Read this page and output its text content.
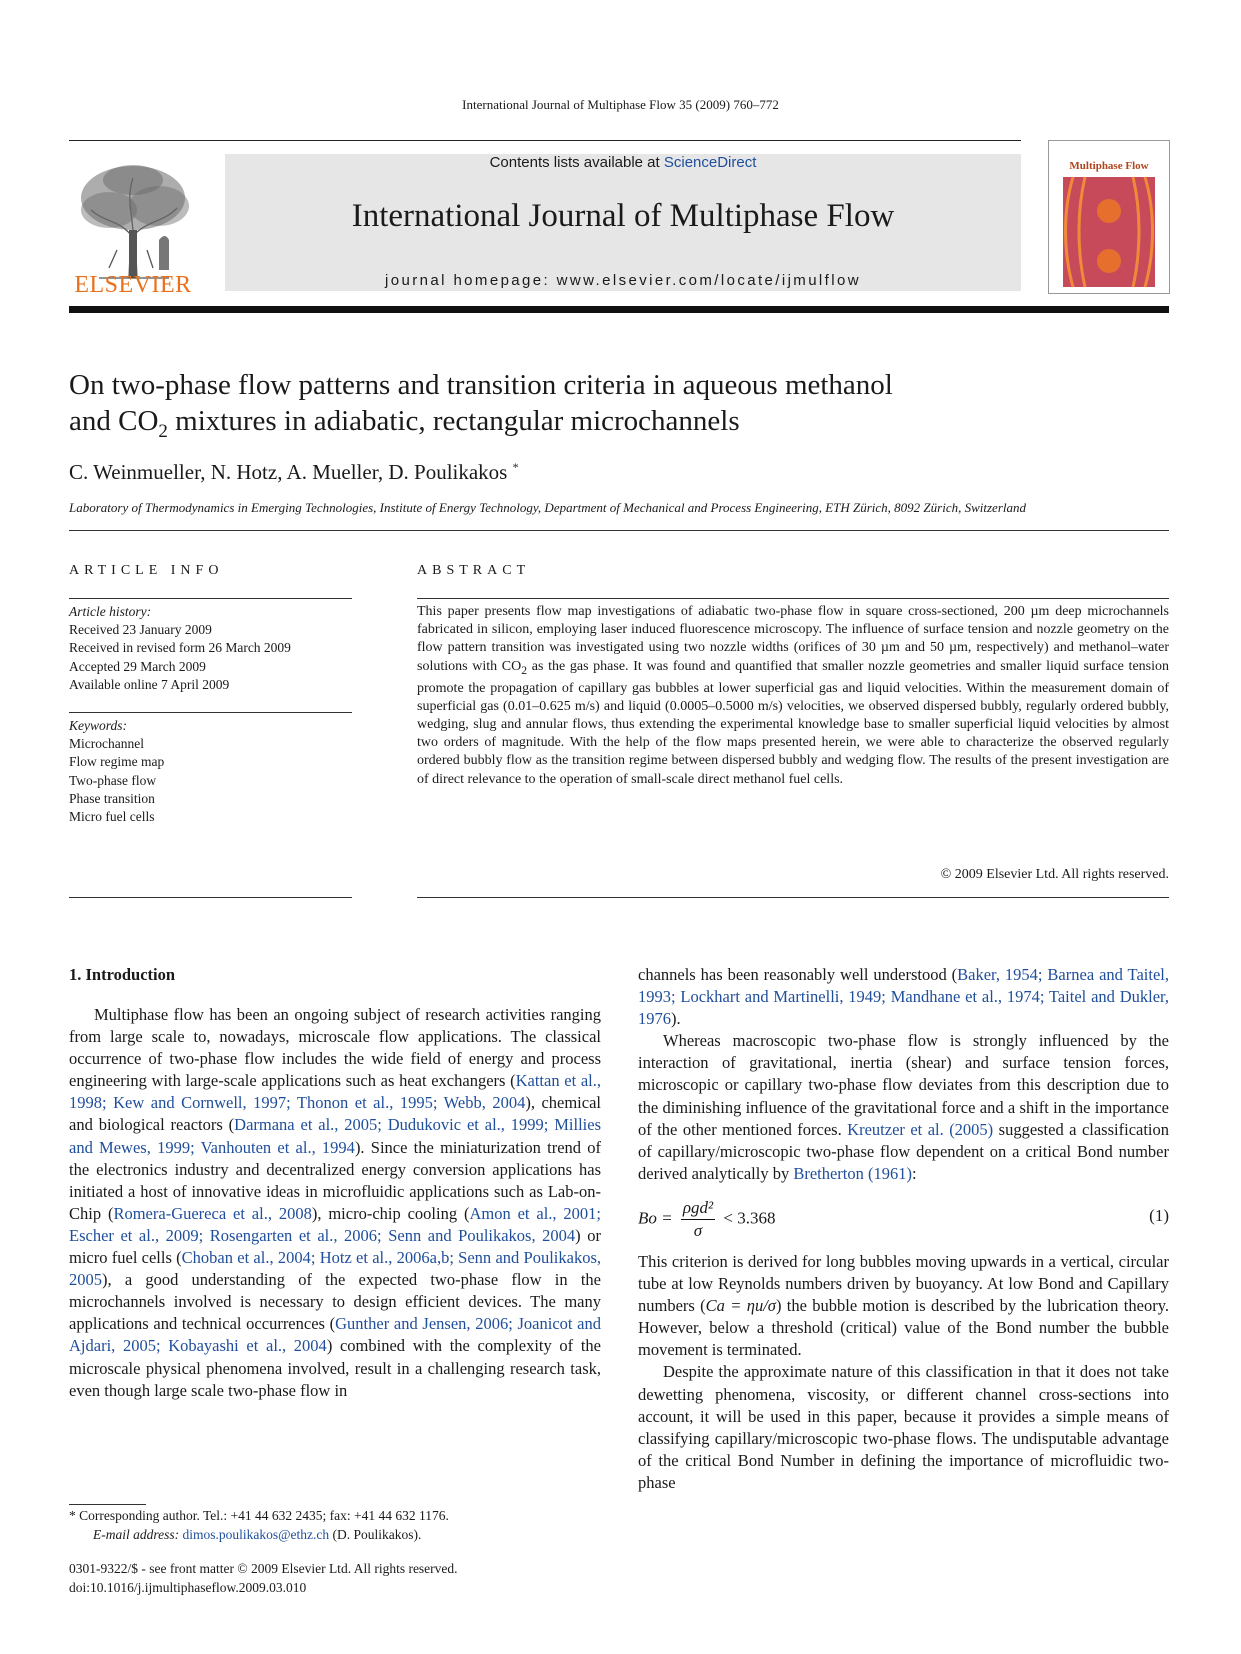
International Journal of Multiphase Flow 35 (2009) 760–772
ELSEVIER
Contents lists available at ScienceDirect
International Journal of Multiphase Flow
journal homepage: www.elsevier.com/locate/ijmulflow
Multiphase Flow
On two-phase flow patterns and transition criteria in aqueous methanol
and $CO_2$ mixtures in adiabatic, rectangular microchannels
C. Weinmueller, N. Hotz, A. Mueller, D. Poulikakos *
Laboratory of Thermodynamics in Emerging Technologies, Institute of Energy Technology, Department of Mechanical and Process Engineering, ETH Zürich, 8092 Zürich, Switzerland
ARTICLE INFO
Article history:
Received 23 January 2009
Received in revised form 26 March 2009
Accepted 29 March 2009
Available online 7 April 2009
Keywords:
Microchannel
Flow regime map
Two-phase flow
Phase transition
Micro fuel cells
ABSTRACT
This paper presents flow map investigations of adiabatic two-phase flow in square cross-sectioned, 200 µm deep microchannels fabricated in silicon, employing laser induced fluorescence microscopy. The influence of surface tension and nozzle geometry on the flow pattern transition was investigated using two nozzle widths (orifices of 30 µm and 50 µm, respectively) and methanol–water solutions with $CO_2$ as the gas phase. It was found and quantified that smaller nozzle geometries and smaller liquid surface tension promote the propagation of capillary gas bubbles at lower superficial gas and liquid velocities. Within the measurement domain of superficial gas (0.01–0.625 m/s) and liquid (0.0005–0.5000 m/s) velocities, we observed dispersed bubbly, regularly ordered bubbly, wedging, slug and annular flows, thus extending the experimental knowledge base to smaller superficial liquid velocities by almost two orders of magnitude. With the help of the flow maps presented herein, we were able to characterize the observed regularly ordered bubbly flow as the transition regime between dispersed bubbly and wedging flow. The results of the present investigation are of direct relevance to the operation of small-scale direct methanol fuel cells.
© 2009 Elsevier Ltd. All rights reserved.
1. Introduction

Multiphase flow has been an ongoing subject of research activities ranging from large scale to, nowadays, microscale flow applications. The classical occurrence of two-phase flow includes the wide field of energy and process engineering with large-scale applications such as heat exchangers (Kattan et al., 1998; Kew and Cornwell, 1997; Thonon et al., 1995; Webb, 2004), chemical and biological reactors (Darmana et al., 2005; Dudukovic et al., 1999; Millies and Mewes, 1999; Vanhouten et al., 1994). Since the miniaturization trend of the electronics industry and decentralized energy conversion applications has initiated a host of innovative ideas in microfluidic applications such as Lab-on-Chip (Romera-Guereca et al., 2008), micro-chip cooling (Amon et al., 2001; Escher et al., 2009; Rosengarten et al., 2006; Senn and Poulikakos, 2004) or micro fuel cells (Choban et al., 2004; Hotz et al., 2006a,b; Senn and Poulikakos, 2005), a good understanding of the expected two-phase flow in the microchannels involved is necessary to design efficient devices. The many applications and technical occurrences (Gunther and Jensen, 2006; Joanicot and Ajdari, 2005; Kobayashi et al., 2004) combined with the complexity of the microscale physical phenomena involved, result in a challenging research task, even though large scale two-phase flow in

channels has been reasonably well understood (Baker, 1954; Barnea and Taitel, 1993; Lockhart and Martinelli, 1949; Mandhane et al., 1974; Taitel and Dukler, 1976).

Whereas macroscopic two-phase flow is strongly influenced by the interaction of gravitational, inertia (shear) and surface tension forces, microscopic or capillary two-phase flow deviates from this description due to the diminishing influence of the gravitational force and a shift in the importance of the other mentioned forces. Kreutzer et al. (2005) suggested a classification of capillary/microscopic two-phase flow dependent on a critical Bond number derived analytically by Bretherton (1961):

$Bo = \frac{\text{ρgd²}}{\sigma} < 3.368$	(1)

This criterion is derived for long bubbles moving upwards in a vertical, circular tube at low Reynolds numbers driven by buoyancy. At low Bond and Capillary numbers (Ca = ηu/σ) the bubble motion is described by the lubrication theory. However, below a threshold (critical) value of the Bond number the bubble movement is terminated.

Despite the approximate nature of this classification in that it does not take dewetting phenomena, viscosity, or different channel cross-sections into account, it will be used in this paper, because it provides a simple means of classifying capillary/microscopic two-phase flows. The undisputable advantage of the critical Bond Number in defining the importance of microfluidic two-phase

* Corresponding author. Tel.: +41 44 632 2435; fax: +41 44 632 1176.
E-mail address: dimos.poulikakos@ethz.ch (D. Poulikakos).
0301-9322/$ - see front matter © 2009 Elsevier Ltd. All rights reserved.
doi:10.1016/j.ijmultiphaseflow.2009.03.010
